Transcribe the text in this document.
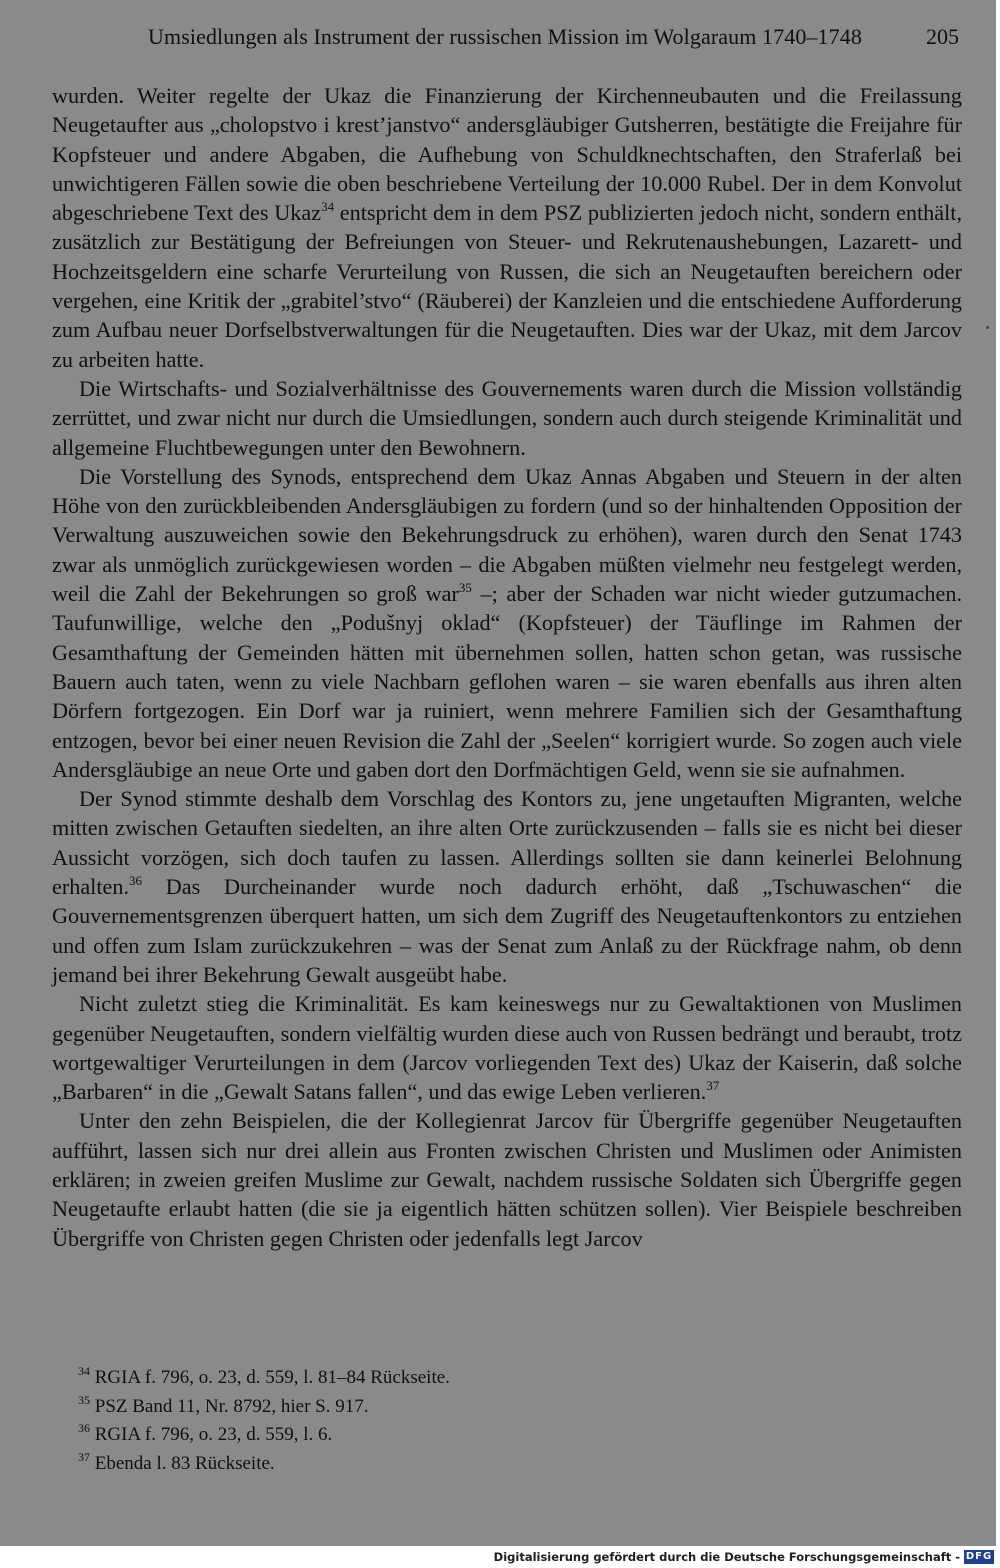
Umsiedlungen als Instrument der russischen Mission im Wolgaraum 1740–1748	205

wurden. Weiter regelte der Ukaz die Finanzierung der Kirchenneubauten und die Freilassung Neugetaufter aus „cholopstvo i krest’janstvo“ andersgläubiger Gutsherren, bestätigte die Freijahre für Kopfsteuer und andere Abgaben, die Aufhebung von Schuldknechtschaften, den Straferlaß bei unwichtigeren Fällen sowie die oben beschriebene Verteilung der 10.000 Rubel. Der in dem Konvolut abgeschriebene Text des Ukaz$^{34}$ entspricht dem in dem PSZ publizierten jedoch nicht, sondern enthält, zusätzlich zur Bestätigung der Befreiungen von Steuer- und Rekrutenaushebungen, Lazarett- und Hochzeitsgeldern eine scharfe Verurteilung von Russen, die sich an Neugetauften bereichern oder vergehen, eine Kritik der „grabitel’stvo“ (Räuberei) der Kanzleien und die entschiedene Aufforderung zum Aufbau neuer Dorfselbstverwaltungen für die Neugetauften. Dies war der Ukaz, mit dem Jarcov zu arbeiten hatte.

Die Wirtschafts- und Sozialverhältnisse des Gouvernements waren durch die Mission vollständig zerrüttet, und zwar nicht nur durch die Umsiedlungen, sondern auch durch steigende Kriminalität und allgemeine Fluchtbewegungen unter den Bewohnern.

Die Vorstellung des Synods, entsprechend dem Ukaz Annas Abgaben und Steuern in der alten Höhe von den zurückbleibenden Andersgläubigen zu fordern (und so der hinhaltenden Opposition der Verwaltung auszuweichen sowie den Bekehrungsdruck zu erhöhen), waren durch den Senat 1743 zwar als unmöglich zurückgewiesen worden – die Abgaben müßten vielmehr neu festgelegt werden, weil die Zahl der Bekehrungen so groß war$^{35}$ –; aber der Schaden war nicht wieder gutzumachen. Taufunwillige, welche den „Podušnyj oklad“ (Kopfsteuer) der Täuflinge im Rahmen der Gesamthaftung der Gemeinden hätten mit übernehmen sollen, hatten schon getan, was russische Bauern auch taten, wenn zu viele Nachbarn geflohen waren – sie waren ebenfalls aus ihren alten Dörfern fortgezogen. Ein Dorf war ja ruiniert, wenn mehrere Familien sich der Gesamthaftung entzogen, bevor bei einer neuen Revision die Zahl der „Seelen“ korrigiert wurde. So zogen auch viele Andersgläubige an neue Orte und gaben dort den Dorfmächtigen Geld, wenn sie sie aufnahmen.

Der Synod stimmte deshalb dem Vorschlag des Kontors zu, jene ungetauften Migranten, welche mitten zwischen Getauften siedelten, an ihre alten Orte zurückzusenden – falls sie es nicht bei dieser Aussicht vorzögen, sich doch taufen zu lassen. Allerdings sollten sie dann keinerlei Belohnung erhalten.$^{36}$ Das Durcheinander wurde noch dadurch erhöht, daß „Tschuwaschen“ die Gouvernementsgrenzen überquert hatten, um sich dem Zugriff des Neugetauftenkontors zu entziehen und offen zum Islam zurückzukehren – was der Senat zum Anlaß zu der Rückfrage nahm, ob denn jemand bei ihrer Bekehrung Gewalt ausgeübt habe.

Nicht zuletzt stieg die Kriminalität. Es kam keineswegs nur zu Gewaltaktionen von Muslimen gegenüber Neugetauften, sondern vielfältig wurden diese auch von Russen bedrängt und beraubt, trotz wortgewaltiger Verurteilungen in dem (Jarcov vorliegenden Text des) Ukaz der Kaiserin, daß solche „Barbaren“ in die „Gewalt Satans fallen“, und das ewige Leben verlieren.$^{37}$

Unter den zehn Beispielen, die der Kollegienrat Jarcov für Übergriffe gegenüber Neugetauften aufführt, lassen sich nur drei allein aus Fronten zwischen Christen und Muslimen oder Animisten erklären; in zweien greifen Muslime zur Gewalt, nachdem russische Soldaten sich Übergriffe gegen Neugetaufte erlaubt hatten (die sie ja eigentlich hätten schützen sollen). Vier Beispiele beschreiben Übergriffe von Christen gegen Christen oder jedenfalls legt Jarcov

$^{34}$ RGIA f. 796, o. 23, d. 559, l. 81–84 Rückseite.
$^{35}$ PSZ Band 11, Nr. 8792, hier S. 917.
$^{36}$ RGIA f. 796, o. 23, d. 559, l. 6.
$^{37}$ Ebenda l. 83 Rückseite.
Digitalisierung gefördert durch die Deutsche Forschungsgemeinschaft - DFG
